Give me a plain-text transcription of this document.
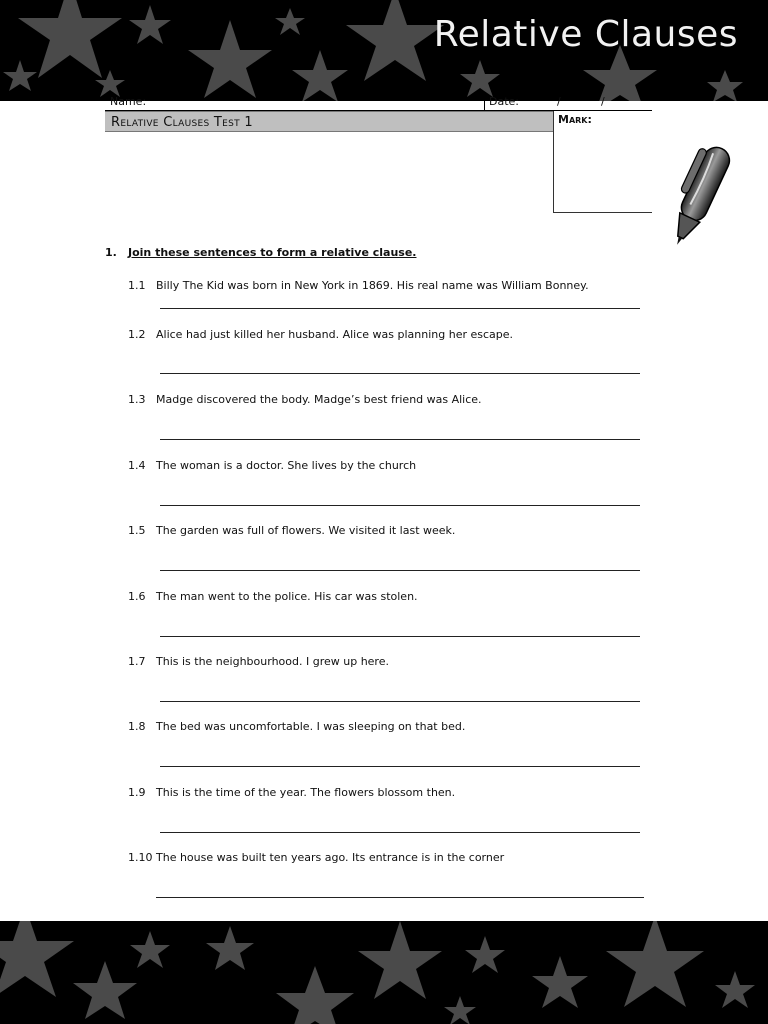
Relative Clauses
Name:	Date:	/	/
Relative Clauses Test 1	Mark:
1. Join these sentences to form a relative clause.
1.1 Billy The Kid was born in New York in 1869. His real name was William Bonney.
1.2 Alice had just killed her husband. Alice was planning her escape.
1.3 Madge discovered the body. Madge’s best friend was Alice.
1.4 The woman is a doctor. She lives by the church
1.5 The garden was full of flowers. We visited it last week.
1.6 The man went to the police. His car was stolen.
1.7 This is the neighbourhood. I grew up here.
1.8 The bed was uncomfortable. I was sleeping on that bed.
1.9 This is the time of the year. The flowers blossom then.
1.10 The house was built ten years ago. Its entrance is in the corner
